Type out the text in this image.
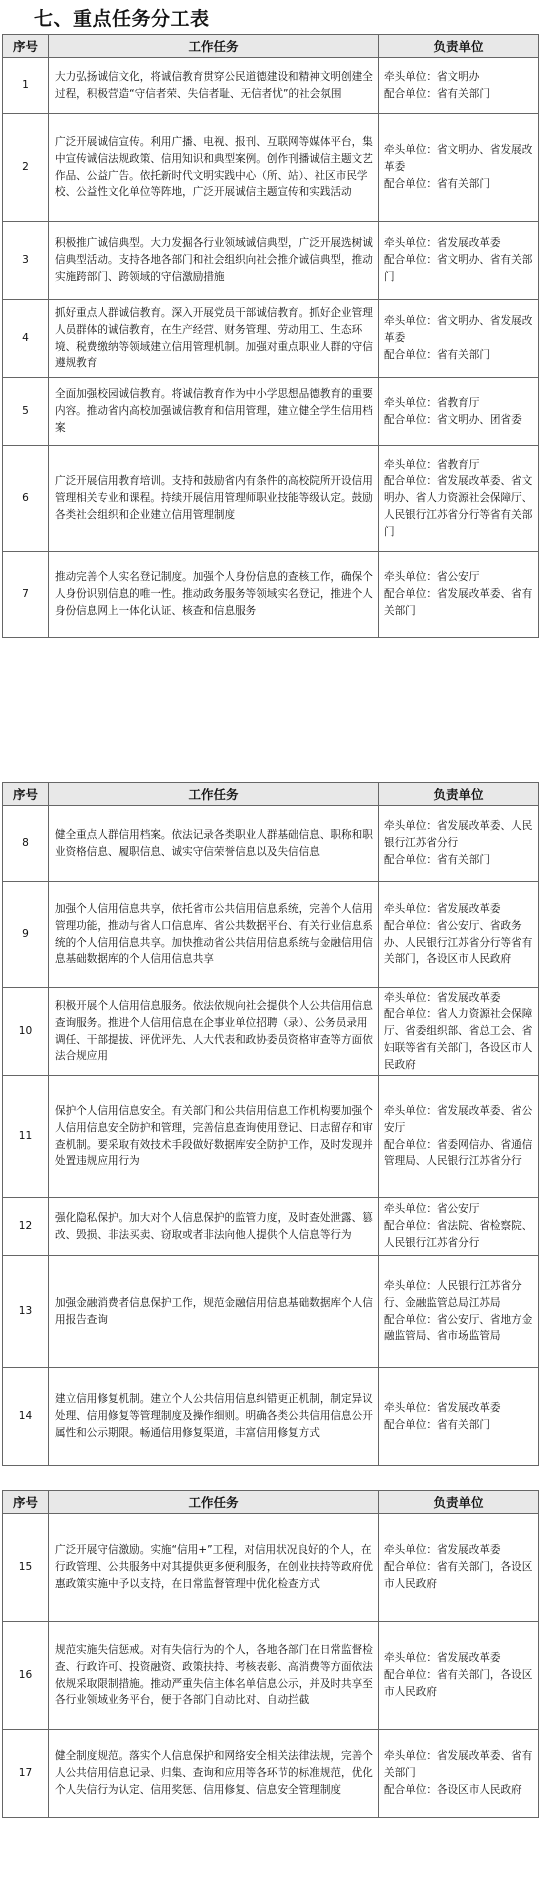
七、重点任务分工表
序号	工作任务	负责单位
1	大力弘扬诚信文化，将诚信教育贯穿公民道德建设和精神文明创建全过程，积极营造“守信者荣、失信者耻、无信者忧”的社会氛围	牵头单位：省文明办
配合单位：省有关部门

2	广泛开展诚信宣传。利用广播、电视、报刊、互联网等媒体平台，集中宣传诚信法规政策、信用知识和典型案例。创作刊播诚信主题文艺作品、公益广告。依托新时代文明实践中心（所、站）、社区市民学校、公益性文化单位等阵地，广泛开展诚信主题宣传和实践活动	牵头单位：省文明办、省发展改革委
配合单位：省有关部门

3	积极推广诚信典型。大力发掘各行业领域诚信典型，广泛开展选树诚信典型活动。支持各地各部门和社会组织向社会推介诚信典型，推动实施跨部门、跨领域的守信激励措施	牵头单位：省发展改革委
配合单位：省文明办、省有关部门

4	抓好重点人群诚信教育。深入开展党员干部诚信教育。抓好企业管理人员群体的诚信教育，在生产经营、财务管理、劳动用工、生态环境、税费缴纳等领域建立信用管理机制。加强对重点职业人群的守信遵规教育	牵头单位：省文明办、省发展改革委
配合单位：省有关部门

5	全面加强校园诚信教育。将诚信教育作为中小学思想品德教育的重要内容。推动省内高校加强诚信教育和信用管理，建立健全学生信用档案	牵头单位：省教育厅
配合单位：省文明办、团省委

6	广泛开展信用教育培训。支持和鼓励省内有条件的高校院所开设信用管理相关专业和课程。持续开展信用管理师职业技能等级认定。鼓励各类社会组织和企业建立信用管理制度	牵头单位：省教育厅
配合单位：省发展改革委、省文明办、省人力资源社会保障厅、人民银行江苏省分行等省有关部门

7	推动完善个人实名登记制度。加强个人身份信息的查核工作，确保个人身份识别信息的唯一性。推动政务服务等领域实名登记，推进个人身份信息网上一体化认证、核查和信息服务	牵头单位：省公安厅
配合单位：省发展改革委、省有关部门
序号	工作任务	负责单位
8	健全重点人群信用档案。依法记录各类职业人群基础信息、职称和职业资格信息、履职信息、诚实守信荣誉信息以及失信信息	牵头单位：省发展改革委、人民银行江苏省分行
配合单位：省有关部门

9	加强个人信用信息共享，依托省市公共信用信息系统，完善个人信用管理功能，推动与省人口信息库、省公共数据平台、有关行业信息系统的个人信用信息共享。加快推动省公共信用信息系统与金融信用信息基础数据库的个人信用信息共享	牵头单位：省发展改革委
配合单位：省公安厅、省政务办、人民银行江苏省分行等省有关部门，各设区市人民政府

10	积极开展个人信用信息服务。依法依规向社会提供个人公共信用信息查询服务。推进个人信用信息在企事业单位招聘（录）、公务员录用调任、干部提拔、评优评先、人大代表和政协委员资格审查等方面依法合规应用	牵头单位：省发展改革委
配合单位：省人力资源社会保障厅、省委组织部、省总工会、省妇联等省有关部门，各设区市人民政府

11	保护个人信用信息安全。有关部门和公共信用信息工作机构要加强个人信用信息安全防护和管理，完善信息查询使用登记、日志留存和审查机制。要采取有效技术手段做好数据库安全防护工作，及时发现并处置违规应用行为	牵头单位：省发展改革委、省公安厅
配合单位：省委网信办、省通信管理局、人民银行江苏省分行

12	强化隐私保护。加大对个人信息保护的监管力度，及时查处泄露、篡改、毁损、非法买卖、窃取或者非法向他人提供个人信息等行为	牵头单位：省公安厅
配合单位：省法院、省检察院、人民银行江苏省分行

13	加强金融消费者信息保护工作，规范金融信用信息基础数据库个人信用报告查询	牵头单位：人民银行江苏省分行、金融监管总局江苏局
配合单位：省公安厅、省地方金融监管局、省市场监管局

14	建立信用修复机制。建立个人公共信用信息纠错更正机制，制定异议处理、信用修复等管理制度及操作细则。明确各类公共信用信息公开属性和公示期限。畅通信用修复渠道，丰富信用修复方式	牵头单位：省发展改革委
配合单位：省有关部门
序号	工作任务	负责单位
15	广泛开展守信激励。实施“信用+”工程，对信用状况良好的个人，在行政管理、公共服务中对其提供更多便利服务，在创业扶持等政府优惠政策实施中予以支持，在日常监督管理中优化检查方式	牵头单位：省发展改革委
配合单位：省有关部门，各设区市人民政府

16	规范实施失信惩戒。对有失信行为的个人，各地各部门在日常监督检查、行政许可、投资融资、政策扶持、考核表彰、高消费等方面依法依规采取限制措施。推动严重失信主体名单信息公示，并及时共享至各行业领域业务平台，便于各部门自动比对、自动拦截	牵头单位：省发展改革委
配合单位：省有关部门，各设区市人民政府

17	健全制度规范。落实个人信息保护和网络安全相关法律法规，完善个人公共信用信息记录、归集、查询和应用等各环节的标准规范，优化个人失信行为认定、信用奖惩、信用修复、信息安全管理制度	牵头单位：省发展改革委、省有关部门
配合单位：各设区市人民政府
